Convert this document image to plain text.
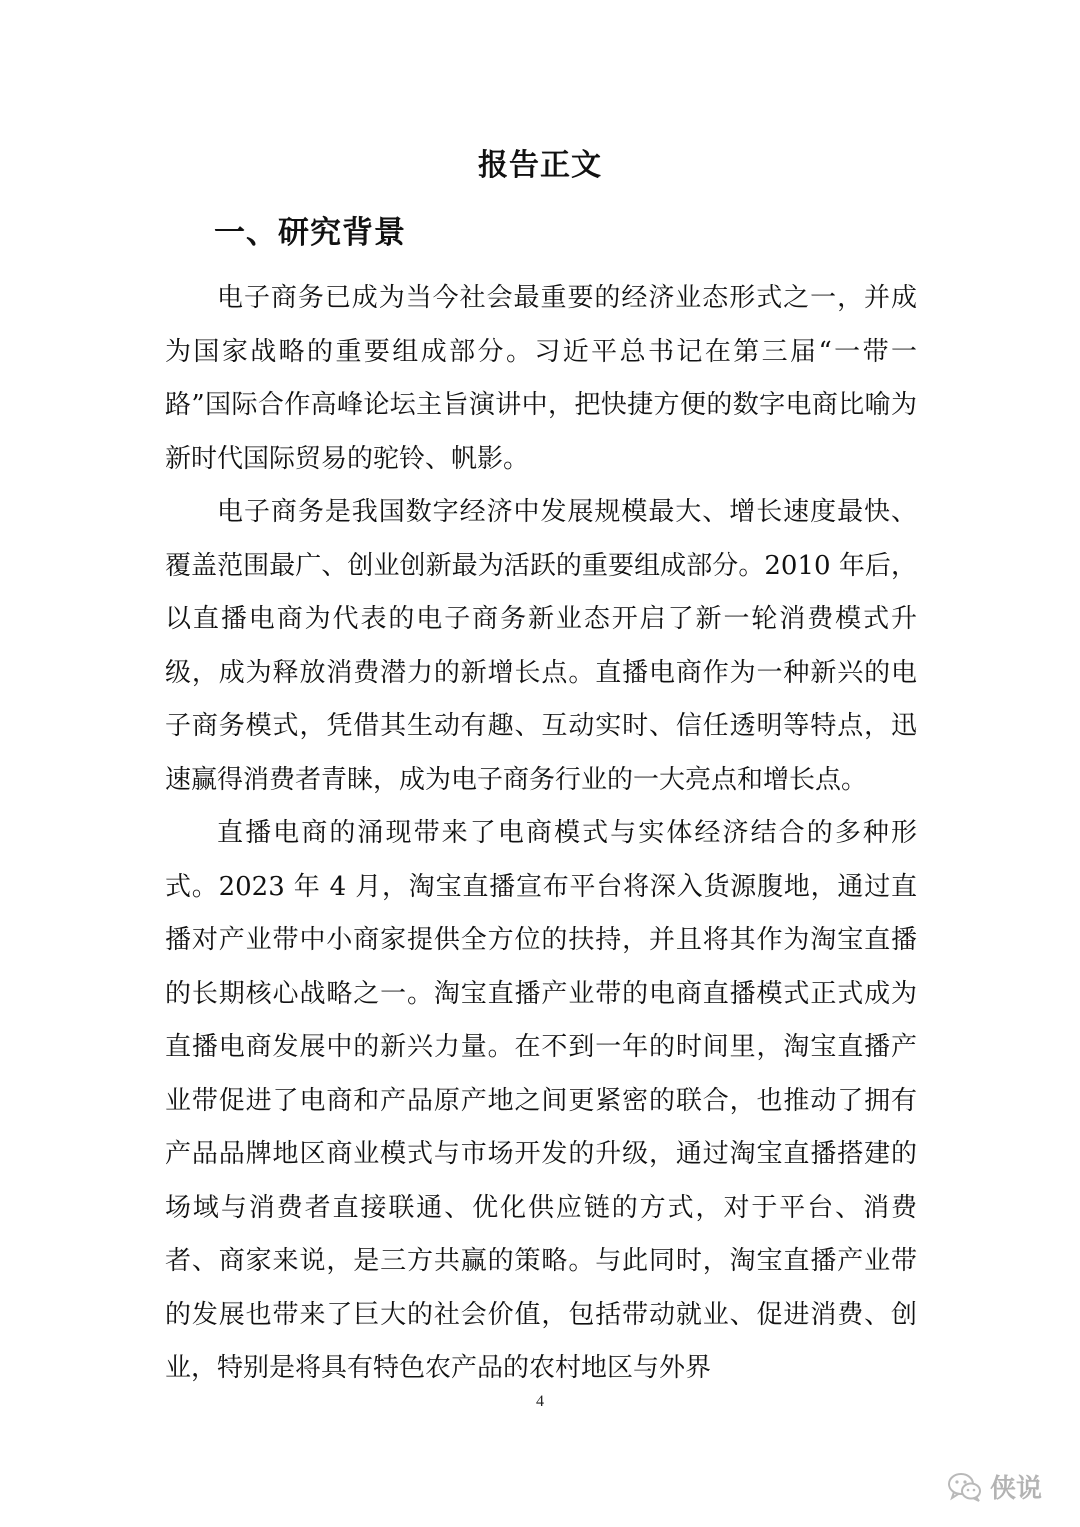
报告正文
一、研究背景

电子商务已成为当今社会最重要的经济业态形式之一，并成为国家战略的重要组成部分。习近平总书记在第三届“一带一路”国际合作高峰论坛主旨演讲中，把快捷方便的数字电商比喻为新时代国际贸易的驼铃、帆影。

电子商务是我国数字经济中发展规模最大、增长速度最快、覆盖范围最广、创业创新最为活跃的重要组成部分。2010 年后，以直播电商为代表的电子商务新业态开启了新一轮消费模式升级，成为释放消费潜力的新增长点。直播电商作为一种新兴的电子商务模式，凭借其生动有趣、互动实时、信任透明等特点，迅速赢得消费者青睐，成为电子商务行业的一大亮点和增长点。

直播电商的涌现带来了电商模式与实体经济结合的多种形式。2023 年 4 月，淘宝直播宣布平台将深入货源腹地，通过直播对产业带中小商家提供全方位的扶持，并且将其作为淘宝直播的长期核心战略之一。淘宝直播产业带的电商直播模式正式成为直播电商发展中的新兴力量。在不到一年的时间里，淘宝直播产业带促进了电商和产品原产地之间更紧密的联合，也推动了拥有产品品牌地区商业模式与市场开发的升级，通过淘宝直播搭建的场域与消费者直接联通、优化供应链的方式，对于平台、消费者、商家来说，是三方共赢的策略。与此同时，淘宝直播产业带的发展也带来了巨大的社会价值，包括带动就业、促进消费、创业，特别是将具有特色农产品的农村地区与外界

4
侠说
